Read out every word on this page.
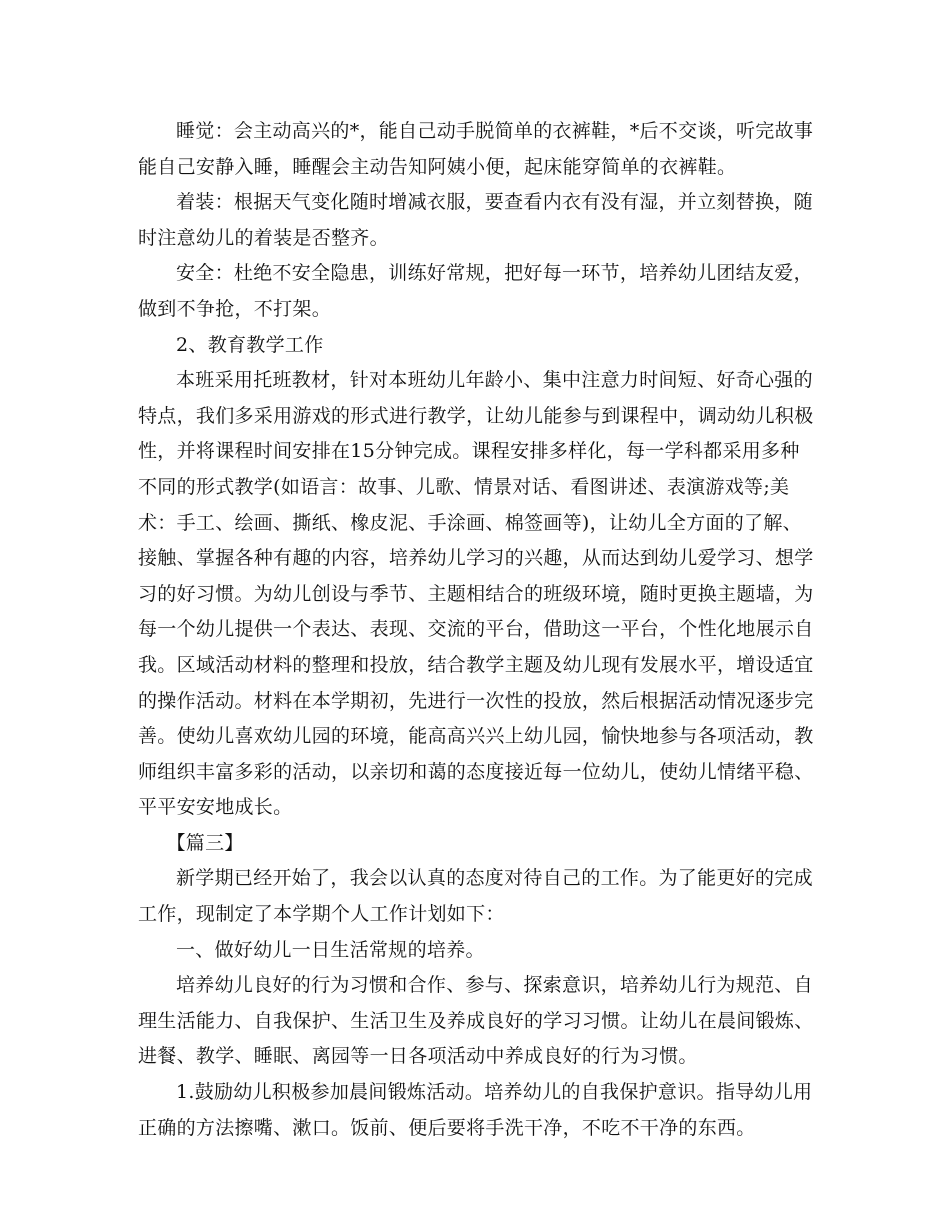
睡觉：会主动高兴的*，能自己动手脱简单的衣裤鞋，*后不交谈，听完故事能自己安静入睡，睡醒会主动告知阿姨小便，起床能穿简单的衣裤鞋。

着装：根据天气变化随时增减衣服，要查看内衣有没有湿，并立刻替换，随时注意幼儿的着装是否整齐。

安全：杜绝不安全隐患，训练好常规，把好每一环节，培养幼儿团结友爱，做到不争抢，不打架。

2、教育教学工作

本班采用托班教材，针对本班幼儿年龄小、集中注意力时间短、好奇心强的特点，我们多采用游戏的形式进行教学，让幼儿能参与到课程中，调动幼儿积极性，并将课程时间安排在15分钟完成。课程安排多样化，每一学科都采用多种不同的形式教学(如语言：故事、儿歌、情景对话、看图讲述、表演游戏等;美术：手工、绘画、撕纸、橡皮泥、手涂画、棉签画等)，让幼儿全方面的了解、接触、掌握各种有趣的内容，培养幼儿学习的兴趣，从而达到幼儿爱学习、想学习的好习惯。为幼儿创设与季节、主题相结合的班级环境，随时更换主题墙，为每一个幼儿提供一个表达、表现、交流的平台，借助这一平台，个性化地展示自我。区域活动材料的整理和投放，结合教学主题及幼儿现有发展水平，增设适宜的操作活动。材料在本学期初，先进行一次性的投放，然后根据活动情况逐步完善。使幼儿喜欢幼儿园的环境，能高高兴兴上幼儿园，愉快地参与各项活动，教师组织丰富多彩的活动，以亲切和蔼的态度接近每一位幼儿，使幼儿情绪平稳、平平安安地成长。

【篇三】

新学期已经开始了，我会以认真的态度对待自己的工作。为了能更好的完成工作，现制定了本学期个人工作计划如下：

一、做好幼儿一日生活常规的培养。

培养幼儿良好的行为习惯和合作、参与、探索意识，培养幼儿行为规范、自理生活能力、自我保护、生活卫生及养成良好的学习习惯。让幼儿在晨间锻炼、进餐、教学、睡眠、离园等一日各项活动中养成良好的行为习惯。

1.鼓励幼儿积极参加晨间锻炼活动。培养幼儿的自我保护意识。指导幼儿用正确的方法擦嘴、漱口。饭前、便后要将手洗干净，不吃不干净的东西。
